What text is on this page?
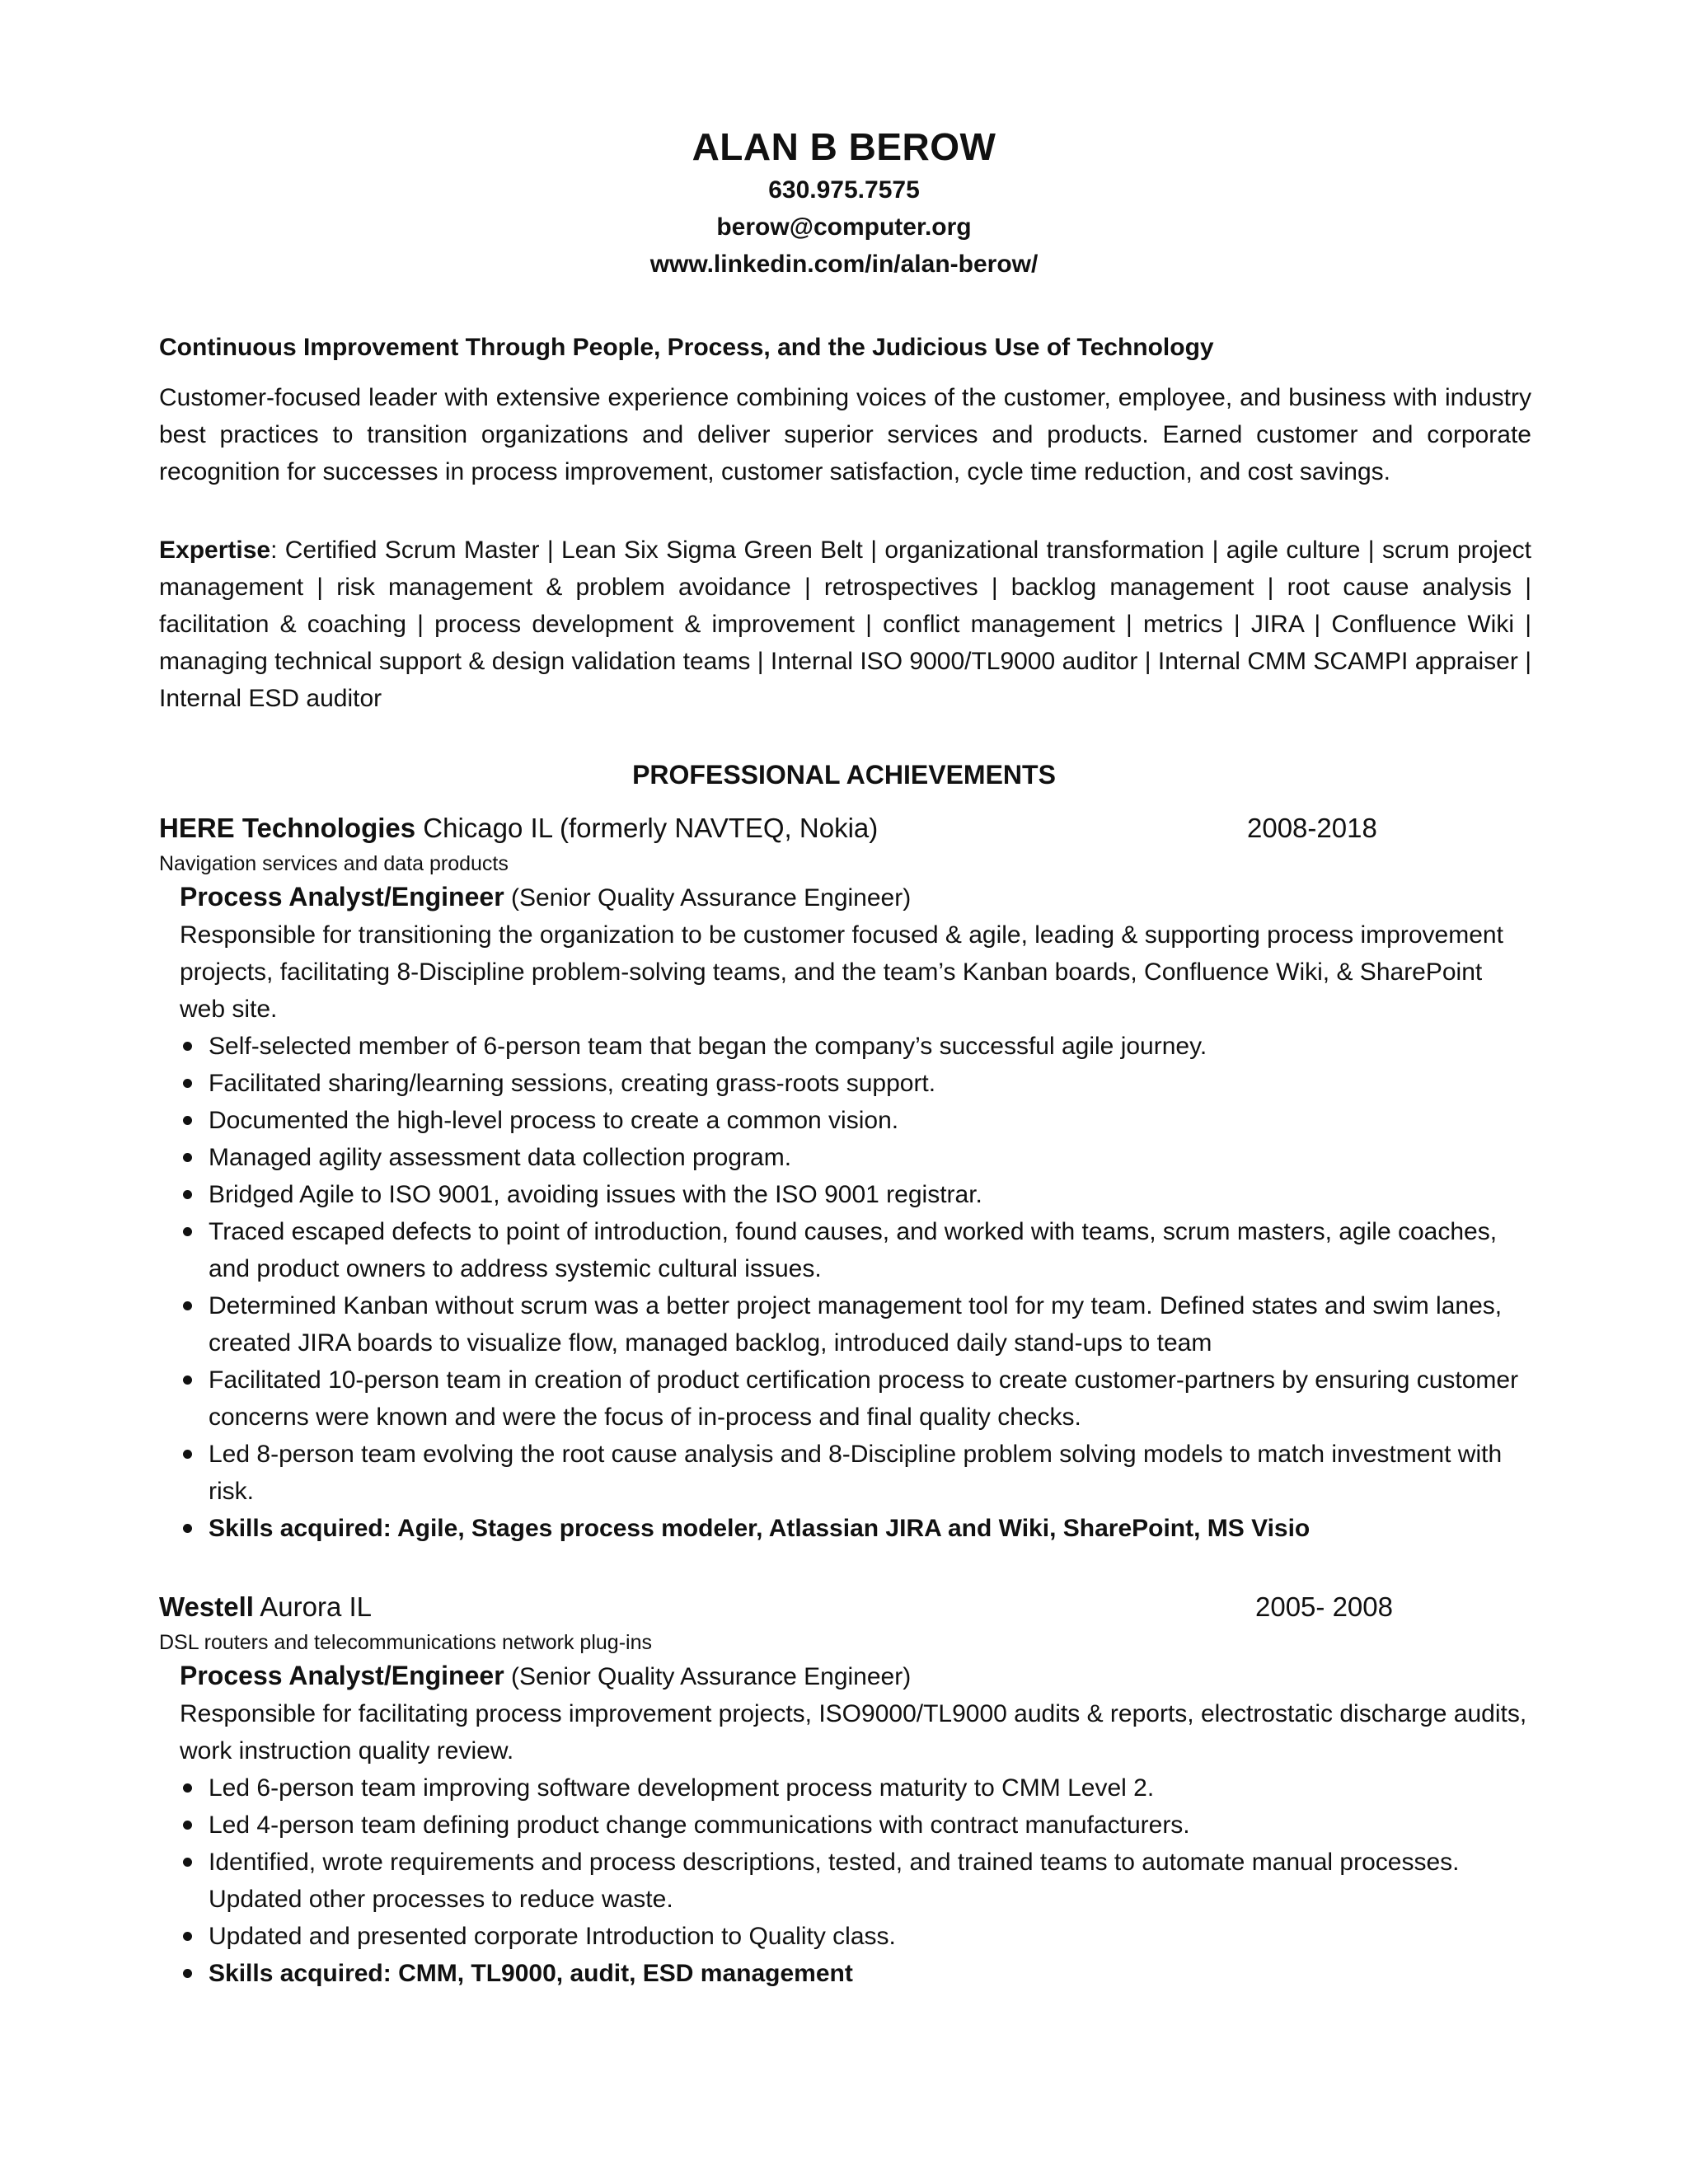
ALAN B BEROW
630.975.7575
berow@computer.org
www.linkedin.com/in/alan-berow/
Continuous Improvement Through People, Process, and the Judicious Use of Technology
Customer-focused leader with extensive experience combining voices of the customer, employee, and business with industry best practices to transition organizations and deliver superior services and products. Earned customer and corporate recognition for successes in process improvement, customer satisfaction, cycle time reduction, and cost savings.
Expertise: Certified Scrum Master | Lean Six Sigma Green Belt | organizational transformation | agile culture | scrum project management | risk management & problem avoidance | retrospectives | backlog management | root cause analysis | facilitation & coaching | process development & improvement | conflict management | metrics | JIRA | Confluence Wiki | managing technical support & design validation teams | Internal ISO 9000/TL9000 auditor | Internal CMM SCAMPI appraiser | Internal ESD auditor
PROFESSIONAL ACHIEVEMENTS
HERE Technologies Chicago IL (formerly NAVTEQ, Nokia)	2008-2018
Navigation services and data products
Process Analyst/Engineer (Senior Quality Assurance Engineer)
Responsible for transitioning the organization to be customer focused & agile, leading & supporting process improvement projects, facilitating 8-Discipline problem-solving teams, and the team’s Kanban boards, Confluence Wiki, & SharePoint web site.
Self-selected member of 6-person team that began the company’s successful agile journey.
Facilitated sharing/learning sessions, creating grass-roots support.
Documented the high-level process to create a common vision.
Managed agility assessment data collection program.
Bridged Agile to ISO 9001, avoiding issues with the ISO 9001 registrar.
Traced escaped defects to point of introduction, found causes, and worked with teams, scrum masters, agile coaches, and product owners to address systemic cultural issues.
Determined Kanban without scrum was a better project management tool for my team. Defined states and swim lanes, created JIRA boards to visualize flow, managed backlog, introduced daily stand-ups to team
Facilitated 10-person team in creation of product certification process to create customer-partners by ensuring customer concerns were known and were the focus of in-process and final quality checks.
Led 8-person team evolving the root cause analysis and 8-Discipline problem solving models to match investment with risk.
Skills acquired: Agile, Stages process modeler, Atlassian JIRA and Wiki, SharePoint, MS Visio
Westell Aurora IL	2005- 2008
DSL routers and telecommunications network plug-ins
Process Analyst/Engineer (Senior Quality Assurance Engineer)
Responsible for facilitating process improvement projects, ISO9000/TL9000 audits & reports, electrostatic discharge audits, work instruction quality review.
Led 6-person team improving software development process maturity to CMM Level 2.
Led 4-person team defining product change communications with contract manufacturers.
Identified, wrote requirements and process descriptions, tested, and trained teams to automate manual processes. Updated other processes to reduce waste.
Updated and presented corporate Introduction to Quality class.
Skills acquired: CMM, TL9000, audit, ESD management
